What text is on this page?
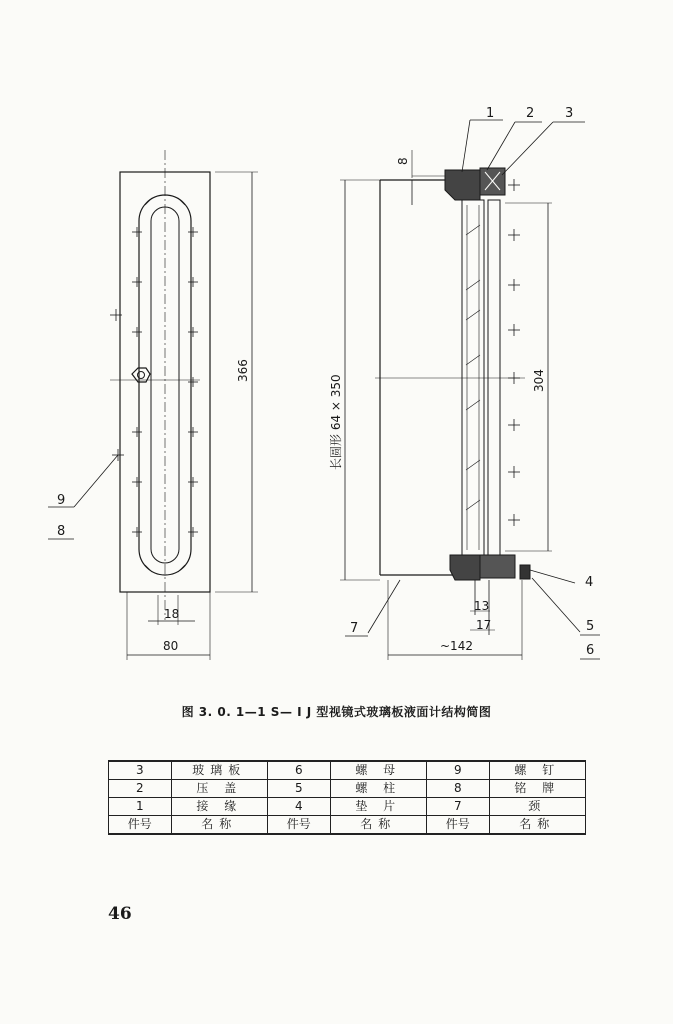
366
80
18
9
8
8
长圆形 64 × 350	304
13
17
~142
1 2 3
4
5
6
7
图 3. 0. 1—1 S— I J 型视镜式玻璃板液面计结构简图
3	玻璃板	6	螺 母	9	螺 钉
2	压 盖	5	螺 柱	8	铭 牌
1	接 缘	4	垫 片	7	颈
件号	名称	件号	名称	件号	名称
46
